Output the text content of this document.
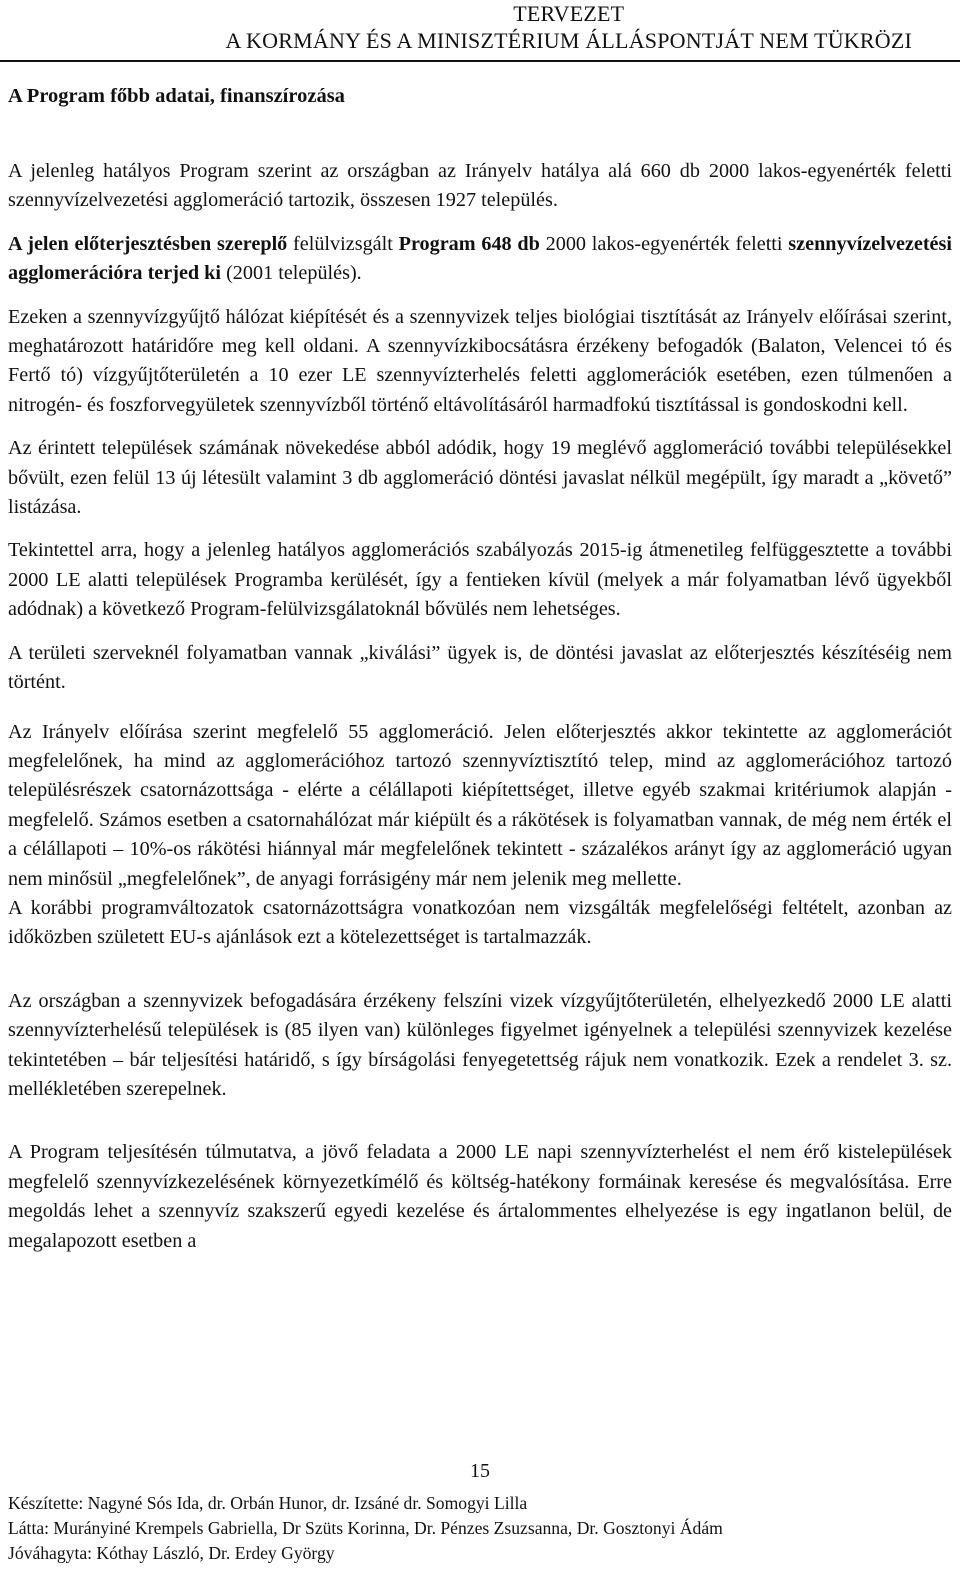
TERVEZET
A KORMÁNY ÉS A MINISZTÉRIUM ÁLLÁSPONTJÁT NEM TÜKRÖZI
A Program főbb adatai, finanszírozása

A jelenleg hatályos Program szerint az országban az Irányelv hatálya alá 660 db 2000 lakos-egyenérték feletti szennyvízelvezetési agglomeráció tartozik, összesen 1927 település.

A jelen előterjesztésben szereplő felülvizsgált Program 648 db 2000 lakos-egyenérték feletti szennyvízelvezetési agglomerációra terjed ki (2001 település).

Ezeken a szennyvízgyűjtő hálózat kiépítését és a szennyvizek teljes biológiai tisztítását az Irányelv előírásai szerint, meghatározott határidőre meg kell oldani. A szennyvízkibocsátásra érzékeny befogadók (Balaton, Velencei tó és Fertő tó) vízgyűjtőterületén a 10 ezer LE szennyvízterhelés feletti agglomerációk esetében, ezen túlmenően a nitrogén- és foszforvegyületek szennyvízből történő eltávolításáról harmadfokú tisztítással is gondoskodni kell.

Az érintett települések számának növekedése abból adódik, hogy 19 meglévő agglomeráció további településekkel bővült, ezen felül 13 új létesült valamint 3 db agglomeráció döntési javaslat nélkül megépült, így maradt a „követő” listázása.

Tekintettel arra, hogy a jelenleg hatályos agglomerációs szabályozás 2015-ig átmenetileg felfüggesztette a további 2000 LE alatti települések Programba kerülését, így a fentieken kívül (melyek a már folyamatban lévő ügyekből adódnak) a következő Program-felülvizsgálatoknál bővülés nem lehetséges.

A területi szerveknél folyamatban vannak „kiválási” ügyek is, de döntési javaslat az előterjesztés készítéséig nem történt.

Az Irányelv előírása szerint megfelelő 55 agglomeráció. Jelen előterjesztés akkor tekintette az agglomerációt megfelelőnek, ha mind az agglomerációhoz tartozó szennyvíztisztító telep, mind az agglomerációhoz tartozó településrészek csatornázottsága - elérte a célállapoti kiépítettséget, illetve egyéb szakmai kritériumok alapján - megfelelő. Számos esetben a csatornahálózat már kiépült és a rákötések is folyamatban vannak, de még nem érték el a célállapoti – 10%-os rákötési hiánnyal már megfelelőnek tekintett - százalékos arányt így az agglomeráció ugyan nem minősül „megfelelőnek”, de anyagi forrásigény már nem jelenik meg mellette.

A korábbi programváltozatok csatornázottságra vonatkozóan nem vizsgálták megfelelőségi feltételt, azonban az időközben született EU-s ajánlások ezt a kötelezettséget is tartalmazzák.

Az országban a szennyvizek befogadására érzékeny felszíni vizek vízgyűjtőterületén, elhelyezkedő 2000 LE alatti szennyvízterhelésű települések is (85 ilyen van) különleges figyelmet igényelnek a települési szennyvizek kezelése tekintetében – bár teljesítési határidő, s így bírságolási fenyegetettség rájuk nem vonatkozik. Ezek a rendelet 3. sz. mellékletében szerepelnek.

A Program teljesítésén túlmutatva, a jövő feladata a 2000 LE napi szennyvízterhelést el nem érő kistelepülések megfelelő szennyvízkezelésének környezetkímélő és költség-hatékony formáinak keresése és megvalósítása. Erre megoldás lehet a szennyvíz szakszerű egyedi kezelése és ártalommentes elhelyezése is egy ingatlanon belül, de megalapozott esetben a

15
Készítette: Nagyné Sós Ida, dr. Orbán Hunor, dr. Izsáné dr. Somogyi Lilla
Látta: Murányiné Krempels Gabriella, Dr Szüts Korinna, Dr. Pénzes Zsuzsanna, Dr. Gosztonyi Ádám
Jóváhagyta: Kóthay László, Dr. Erdey György
